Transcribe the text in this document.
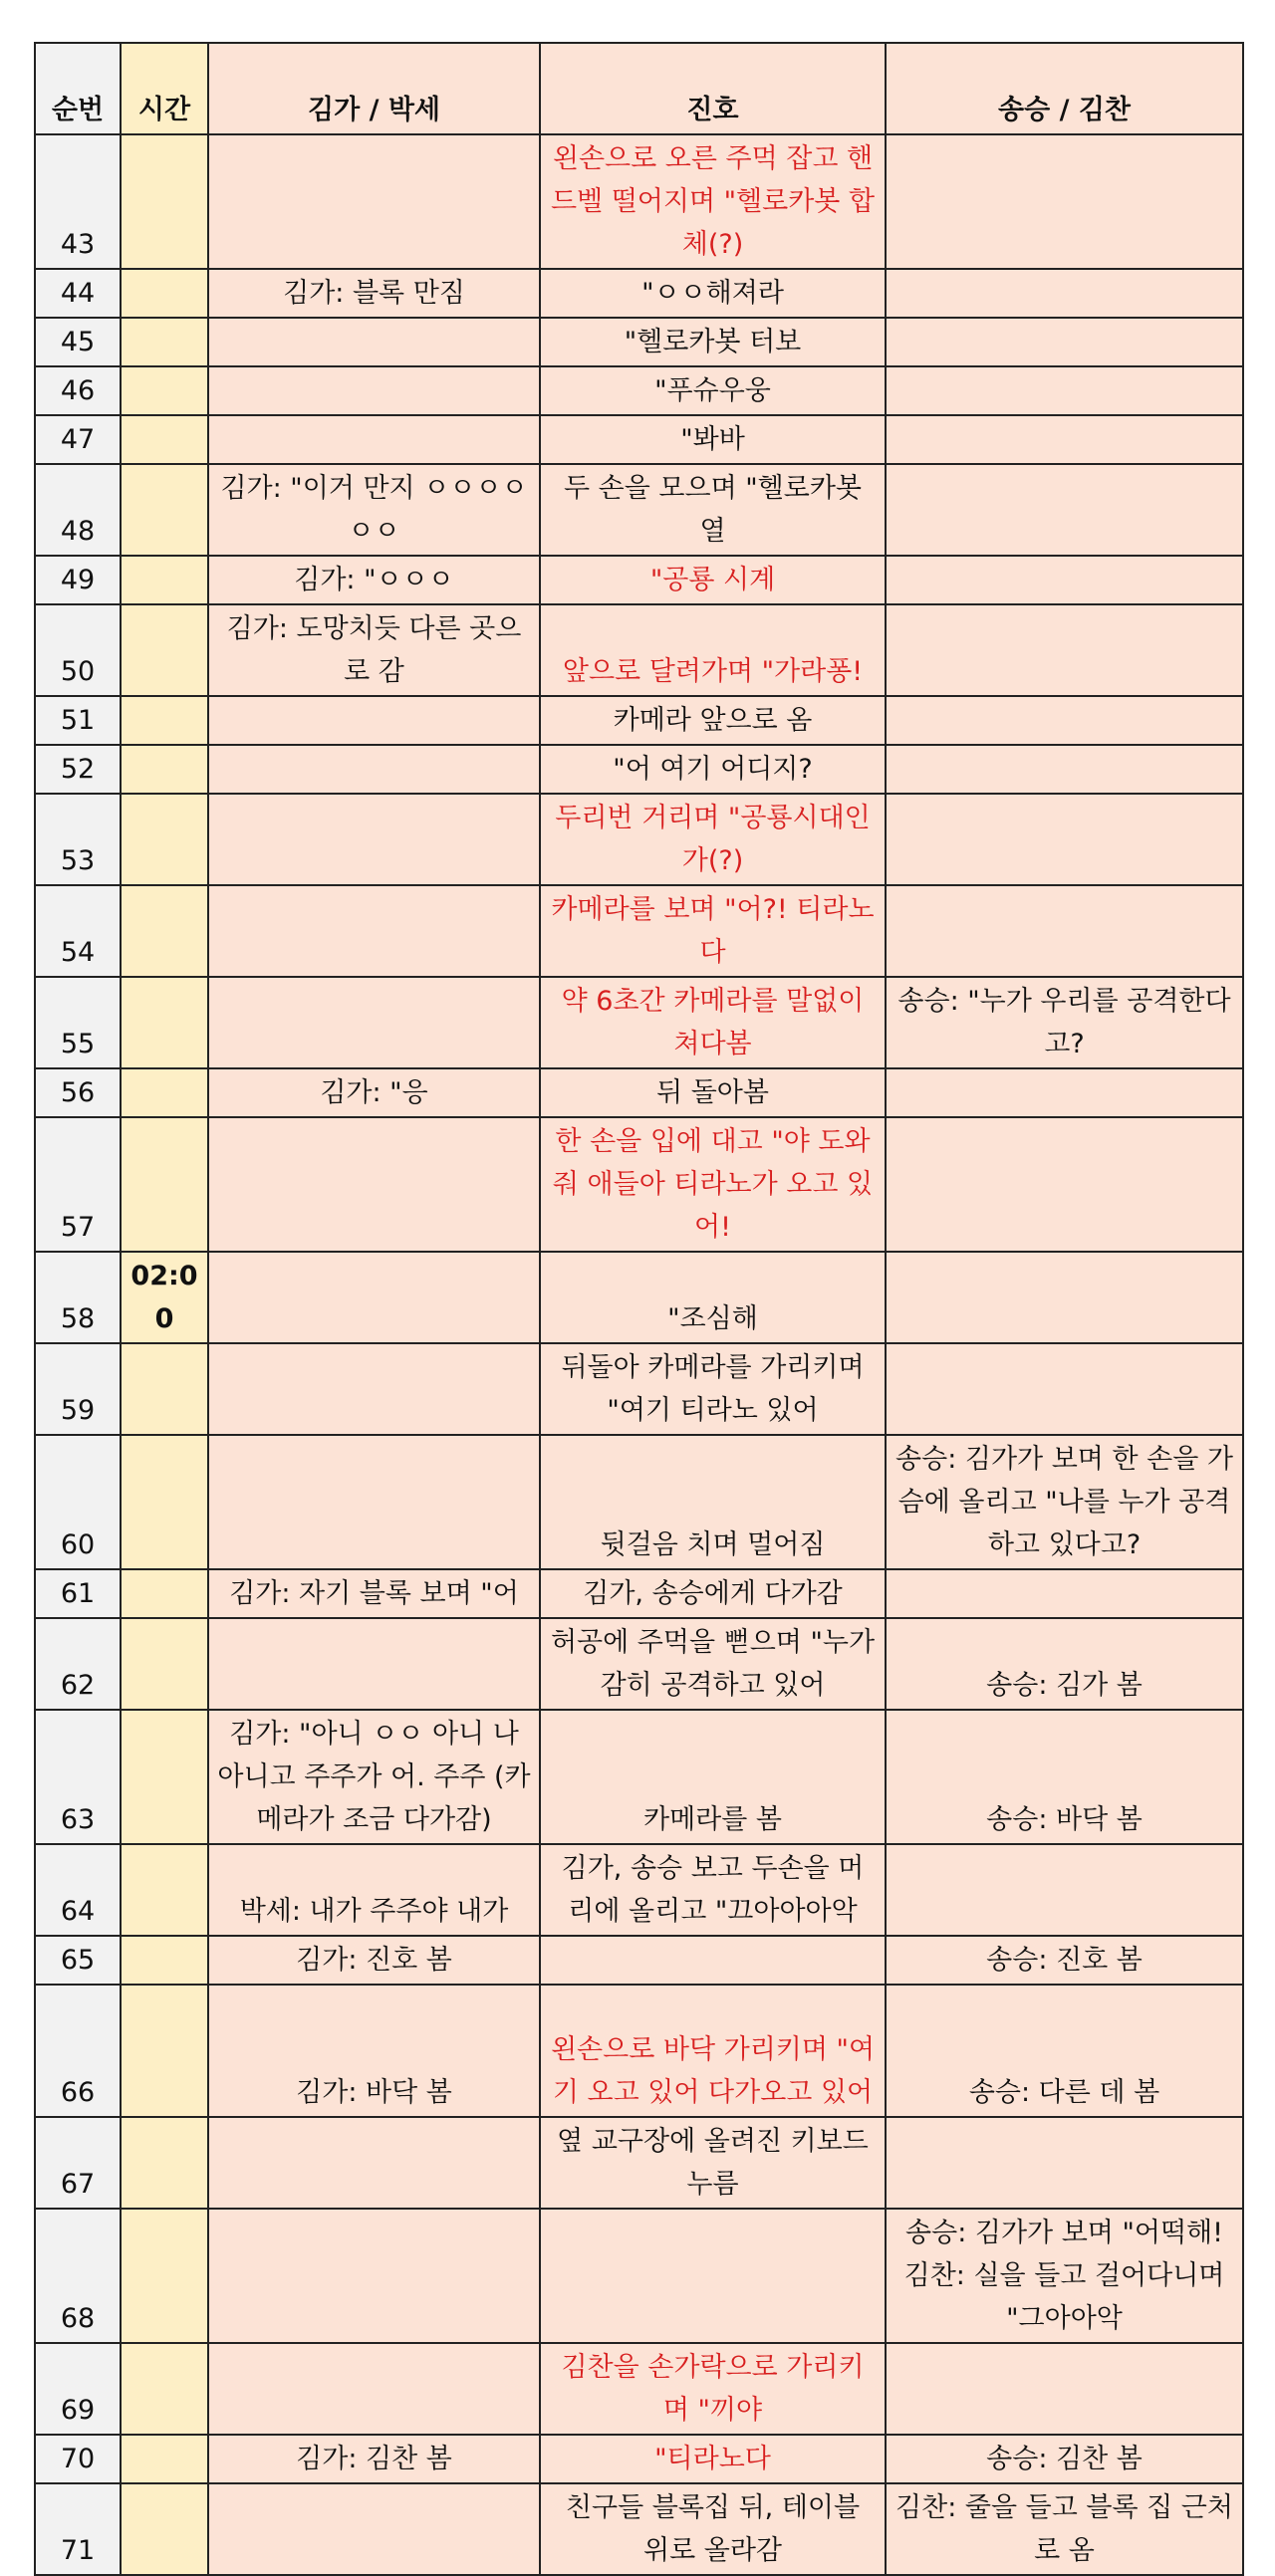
순번	시간	김가 / 박세	진호	송승 / 김찬
43			왼손으로 오른 주먹 잡고 핸드벨 떨어지며 "헬로카봇 합체(?)	
44		김가: 블록 만짐	"ㅇㅇ해져라	
45			"헬로카봇 터보	
46			"푸슈우웅	
47			"봐바	
48		김가: "이거 만지 ㅇㅇㅇㅇㅇㅇ	두 손을 모으며 "헬로카봇 열	
49		김가: "ㅇㅇㅇ	"공룡 시계	
50		김가: 도망치듯 다른 곳으로 감	앞으로 달려가며 "가라퐁!	
51			카메라 앞으로 옴	
52			"어 여기 어디지?	
53			두리번 거리며 "공룡시대인가(?)	
54			카메라를 보며 "어?! 티라노다	
55			약 6초간 카메라를 말없이 쳐다봄	송승: "누가 우리를 공격한다고?
56		김가: "응	뒤 돌아봄	
57			한 손을 입에 대고 "야 도와줘 애들아 티라노가 오고 있어!	
58	02:00		"조심해	
59			뒤돌아 카메라를 가리키며 "여기 티라노 있어	
60			뒷걸음 치며 멀어짐	송승: 김가가 보며 한 손을 가슴에 올리고 "나를 누가 공격하고 있다고?
61		김가: 자기 블록 보며 "어	김가, 송승에게 다가감	
62			허공에 주먹을 뻗으며 "누가 감히 공격하고 있어	송승: 김가 봄
63		김가: "아니 ㅇㅇ 아니 나 아니고 주주가 어. 주주 (카메라가 조금 다가감)	카메라를 봄	송승: 바닥 봄
64		박세: 내가 주주야 내가	김가, 송승 보고 두손을 머리에 올리고 "끄아아아악	
65		김가: 진호 봄		송승: 진호 봄
66		김가: 바닥 봄	왼손으로 바닥 가리키며 "여기 오고 있어 다가오고 있어	송승: 다른 데 봄
67			옆 교구장에 올려진 키보드 누름	
68				송승: 김가가 보며 "어떡해! 김찬: 실을 들고 걸어다니며 "그아아악
69			김찬을 손가락으로 가리키며 "끼야	
70		김가: 김찬 봄	"티라노다	송승: 김찬 봄
71			친구들 블록집 뒤, 테이블 위로 올라감	김찬: 줄을 들고 블록 집 근처로 옴
